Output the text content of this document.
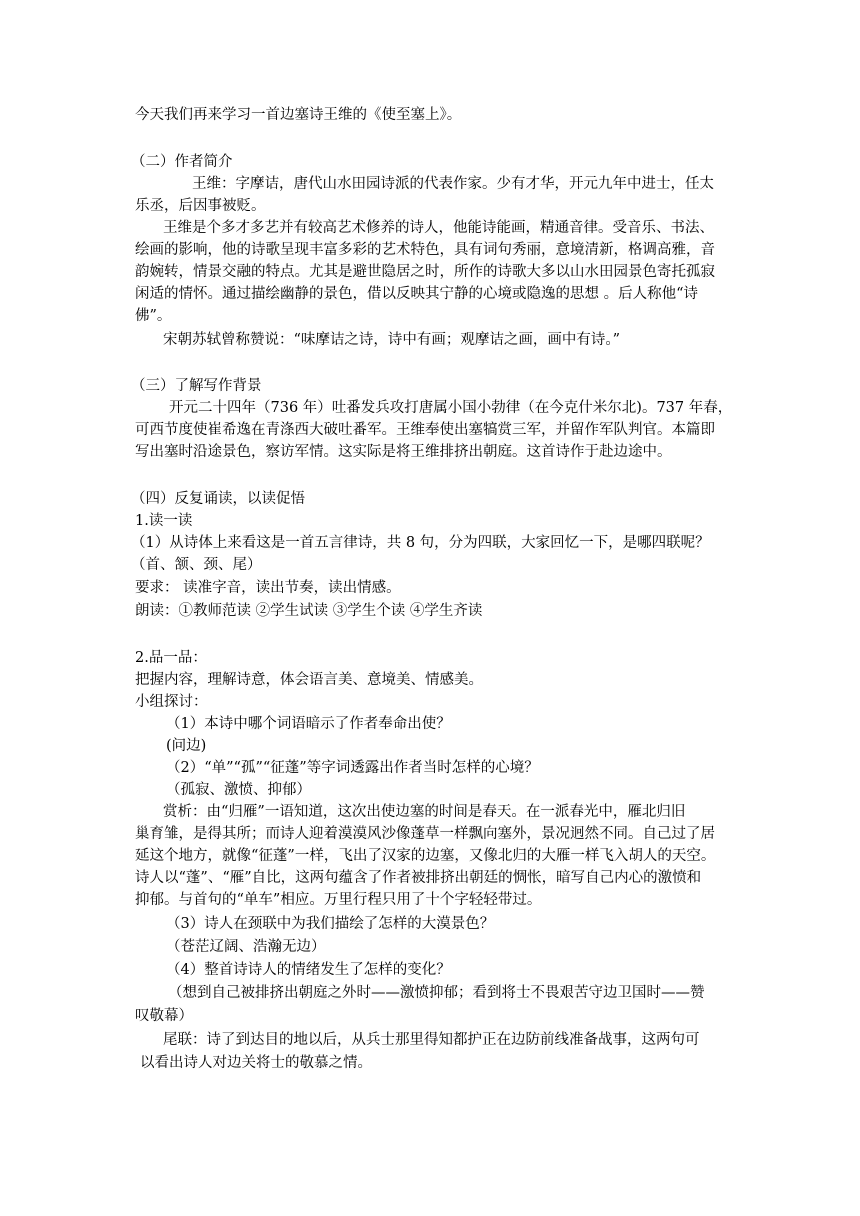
今天我们再来学习一首边塞诗王维的《使至塞上》。
（二）作者简介
王维：字摩诘，唐代山水田园诗派的代表作家。少有才华，开元九年中进士，任太
乐丞，后因事被贬。
王维是个多才多艺并有较高艺术修养的诗人，他能诗能画，精通音律。受音乐、书法、
绘画的影响，他的诗歌呈现丰富多彩的艺术特色，具有词句秀丽，意境清新，格调高雅，音
韵婉转，情景交融的特点。尤其是避世隐居之时，所作的诗歌大多以山水田园景色寄托孤寂
闲适的情怀。通过描绘幽静的景色，借以反映其宁静的心境或隐逸的思想 。后人称他“诗
佛”。
宋朝苏轼曾称赞说：“味摩诘之诗，诗中有画；观摩诘之画，画中有诗。”
（三）了解写作背景
开元二十四年（736 年）吐番发兵攻打唐属小国小勃律（在今克什米尔北)。737 年春，
可西节度使崔希逸在青涤西大破吐番军。王维奉使出塞犒赏三军，并留作军队判官。本篇即
写出塞时沿途景色，察访军情。这实际是将王维排挤出朝庭。这首诗作于赴边途中。
（四）反复诵读，以读促悟
1.读一读
（1）从诗体上来看这是一首五言律诗，共 8 句，分为四联，大家回忆一下，是哪四联呢？
（首、颔、颈、尾）
要求： 读准字音，读出节奏，读出情感。
朗读：①教师范读 ②学生试读 ③学生个读 ④学生齐读
2.品一品：
把握内容，理解诗意，体会语言美、意境美、情感美。
小组探讨：
（1）本诗中哪个词语暗示了作者奉命出使？
(问边)
（2）“单”“孤”“征蓬”等字词透露出作者当时怎样的心境？
（孤寂、激愤、抑郁）
赏析：由“归雁”一语知道，这次出使边塞的时间是春天。在一派春光中，雁北归旧
巢育雏，是得其所；而诗人迎着漠漠风沙像蓬草一样飘向塞外，景况迥然不同。自己过了居
延这个地方，就像“征蓬”一样，飞出了汉家的边塞，又像北归的大雁一样飞入胡人的天空。
诗人以“蓬”、“雁”自比，这两句蕴含了作者被排挤出朝廷的惆怅，暗写自己内心的激愤和
抑郁。与首句的“单车”相应。万里行程只用了十个字轻轻带过。
（3）诗人在颈联中为我们描绘了怎样的大漠景色？
（苍茫辽阔、浩瀚无边）
（4）整首诗诗人的情绪发生了怎样的变化？
（想到自己被排挤出朝庭之外时——激愤抑郁；看到将士不畏艰苦守边卫国时——赞
叹敬幕）
尾联：诗了到达目的地以后，从兵士那里得知都护正在边防前线准备战事，这两句可
以看出诗人对边关将士的敬慕之情。
